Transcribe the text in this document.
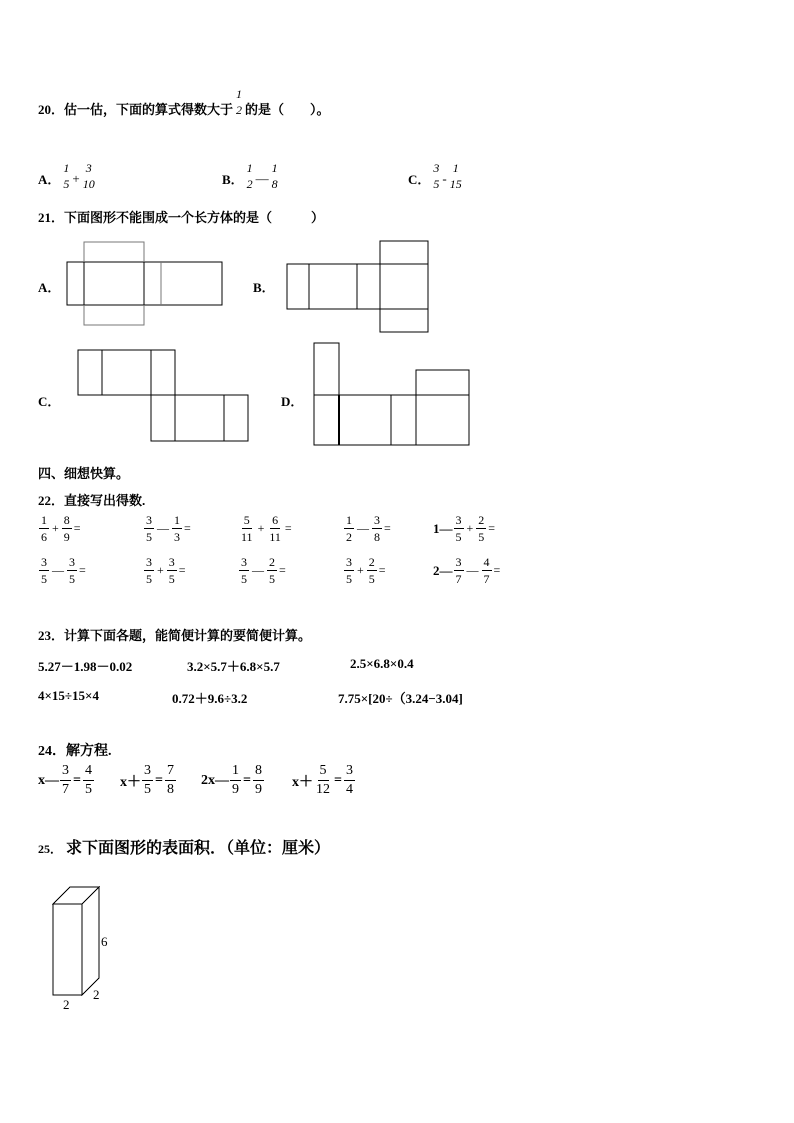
20． 估一估，下面的算式得数大于
1
2 的是（　　）。
A．
1
5 +
3
10	B．
1
2 —
1
8	C．
3
5 -
1
15
21．下面图形不能围成一个长方体的是（　　　）
A．	B．
C．	D．
四、细想快算。
22．直接写出得数.
$\frac{1}{6} + \frac{8}{9}$ =	$\frac{3}{5}$ — $\frac{1}{3}$ =	$\frac{5}{11} + \frac{6}{11}$ =	$\frac{1}{2}$ — $\frac{3}{8}$ =	1— $\frac{3}{5} + \frac{2}{5}$ =
$\frac{3}{5}$ — $\frac{3}{5}$ =	$\frac{3}{5} + \frac{3}{5}$ =	$\frac{3}{5}$ — $\frac{2}{5}$ =	$\frac{3}{5} + \frac{2}{5}$ =	2— $\frac{3}{7}$ — $\frac{4}{7}$ =
23．计算下面各题，能简便计算的要简便计算。
5.27－1.98－0.02	3.2×5.7＋6.8×5.7	2.5×6.8×0.4
4×15÷15×4	0.72＋9.6÷3.2	7.75×[20÷（3.24−3.04]
24．解方程.
x— $\frac{3}{7} = \frac{4}{5} x+ \frac{3}{5} = \frac{7}{8}$ 2x— $\frac{1}{9} = \frac{8}{9} x+ \frac{5}{12} = \frac{3}{4}$
25． 求下面图形的表面积．（单位：厘米）
6
2
2
